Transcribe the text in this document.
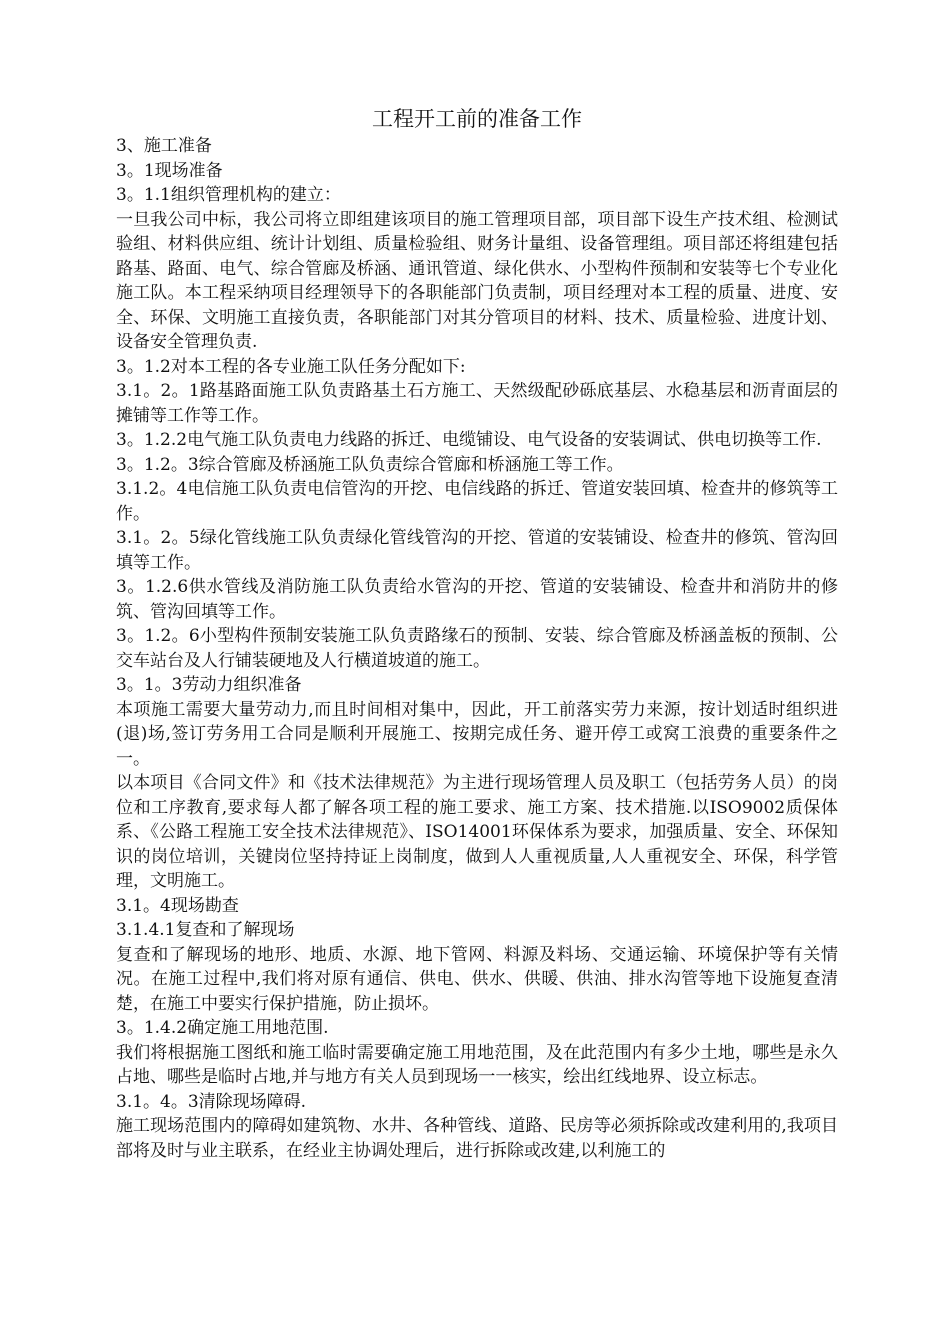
工程开工前的准备工作

3、施工准备

3。1现场准备

3。1.1组织管理机构的建立：

一旦我公司中标，我公司将立即组建该项目的施工管理项目部，项目部下设生产技术组、检测试验组、材料供应组、统计计划组、质量检验组、财务计量组、设备管理组。项目部还将组建包括路基、路面、电气、综合管廊及桥涵、通讯管道、绿化供水、小型构件预制和安装等七个专业化施工队。本工程采纳项目经理领导下的各职能部门负责制，项目经理对本工程的质量、进度、安全、环保、文明施工直接负责，各职能部门对其分管项目的材料、技术、质量检验、进度计划、设备安全管理负责.

3。1.2对本工程的各专业施工队任务分配如下:

3.1。2。1路基路面施工队负责路基土石方施工、天然级配砂砾底基层、水稳基层和沥青面层的摊铺等工作等工作。

3。1.2.2电气施工队负责电力线路的拆迁、电缆铺设、电气设备的安装调试、供电切换等工作.

3。1.2。3综合管廊及桥涵施工队负责综合管廊和桥涵施工等工作。

3.1.2。4电信施工队负责电信管沟的开挖、电信线路的拆迁、管道安装回填、检查井的修筑等工作。

3.1。2。5绿化管线施工队负责绿化管线管沟的开挖、管道的安装铺设、检查井的修筑、管沟回填等工作。

3。1.2.6供水管线及消防施工队负责给水管沟的开挖、管道的安装铺设、检查井和消防井的修筑、管沟回填等工作。

3。1.2。6小型构件预制安装施工队负责路缘石的预制、安装、综合管廊及桥涵盖板的预制、公交车站台及人行铺装硬地及人行横道坡道的施工。

3。1。3劳动力组织准备

本项施工需要大量劳动力,而且时间相对集中，因此，开工前落实劳力来源，按计划适时组织进(退)场,签订劳务用工合同是顺利开展施工、按期完成任务、避开停工或窝工浪费的重要条件之一。

以本项目《合同文件》和《技术法律规范》为主进行现场管理人员及职工（包括劳务人员）的岗位和工序教育,要求每人都了解各项工程的施工要求、施工方案、技术措施.以ISO9002质保体系、《公路工程施工安全技术法律规范》、ISO14001环保体系为要求，加强质量、安全、环保知识的岗位培训，关键岗位坚持持证上岗制度，做到人人重视质量,人人重视安全、环保，科学管理，文明施工。

3.1。4现场勘查

3.1.4.1复查和了解现场

复查和了解现场的地形、地质、水源、地下管网、料源及料场、交通运输、环境保护等有关情况。在施工过程中,我们将对原有通信、供电、供水、供暖、供油、排水沟管等地下设施复查清楚，在施工中要实行保护措施，防止损坏。

3。1.4.2确定施工用地范围.

我们将根据施工图纸和施工临时需要确定施工用地范围，及在此范围内有多少土地，哪些是永久占地、哪些是临时占地,并与地方有关人员到现场一一核实，绘出红线地界、设立标志。

3.1。4。3清除现场障碍.

施工现场范围内的障碍如建筑物、水井、各种管线、道路、民房等必须拆除或改建利用的,我项目部将及时与业主联系，在经业主协调处理后，进行拆除或改建,以利施工的
